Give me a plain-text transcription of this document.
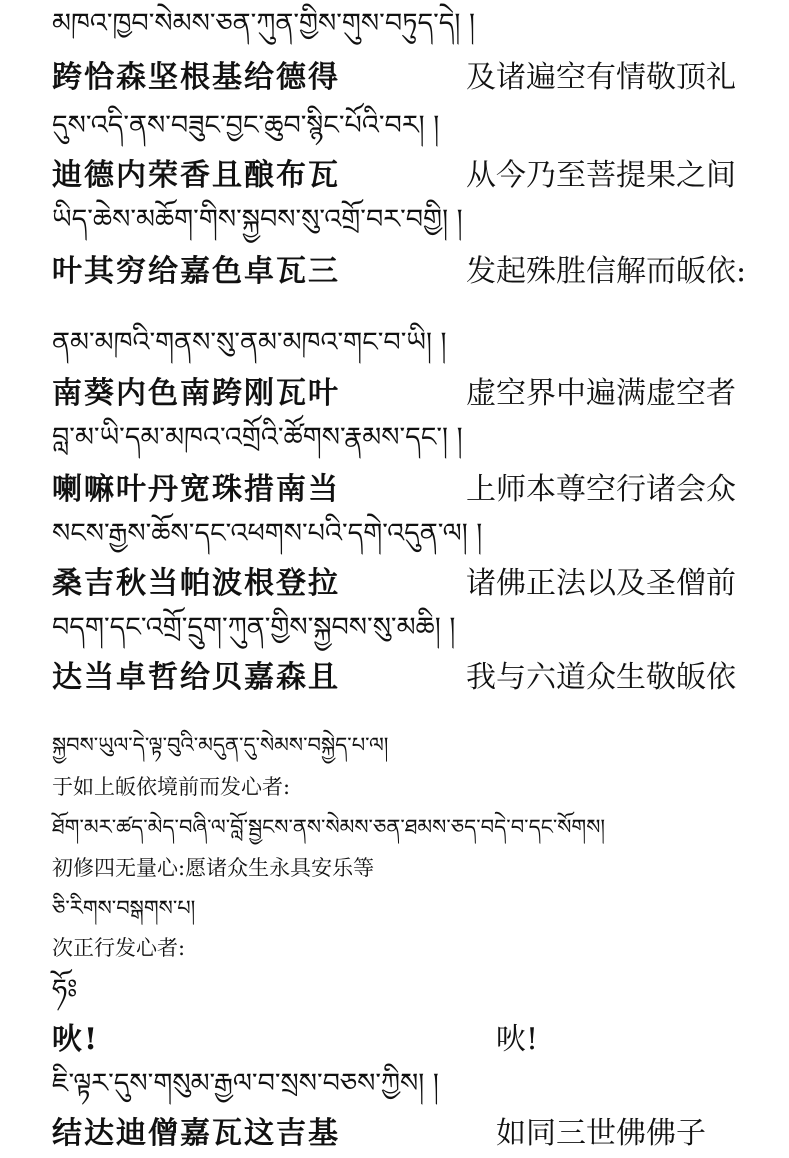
མཁའ་ཁྱབ་སེམས་ཅན་ཀུན་གྱིས་གུས་བཏུད་དེ། །
跨恰森坚根基给德得	及诸遍空有情敬顶礼
དུས་འདི་ནས་བཟུང་བྱང་ཆུབ་སྙིང་པོའི་བར། །
迪德内荣香且酿布瓦	从今乃至菩提果之间
ཡིད་ཆེས་མཆོག་གིས་སྐྱབས་སུ་འགྲོ་བར་བགྱི། །
叶其穷给嘉色卓瓦三	发起殊胜信解而皈依:
ནམ་མཁའི་གནས་སུ་ནམ་མཁའ་གང་བ་ཡི། །
南葵内色南跨刚瓦叶	虚空界中遍满虚空者
བླ་མ་ཡི་དམ་མཁའ་འགྲོའི་ཚོགས་རྣམས་དང་། །
喇嘛叶丹宽珠措南当	上师本尊空行诸会众
སངས་རྒྱས་ཆོས་དང་འཕགས་པའི་དགེ་འདུན་ལ། །
桑吉秋当帕波根登拉	诸佛正法以及圣僧前
བདག་དང་འགྲོ་དྲུག་ཀུན་གྱིས་སྐྱབས་སུ་མཆི། །
达当卓哲给贝嘉森且	我与六道众生敬皈依
སྐྱབས་ཡུལ་དེ་ལྟ་བུའི་མདུན་དུ་སེམས་བསྐྱེད་པ་ལ།
于如上皈依境前而发心者:
ཐོག་མར་ཚད་མེད་བཞི་ལ་བློ་སྦྱངས་ནས་སེམས་ཅན་ཐམས་ཅད་བདེ་བ་དང་སོགས།
初修四无量心:愿诸众生永具安乐等
ཅི་རིགས་བསྒགས་པ།
次正行发心者:
ཧོཿ
吙!	吙!
ཇི་ལྟར་དུས་གསུམ་རྒྱལ་བ་སྲས་བཅས་ཀྱིས། །
结达迪僧嘉瓦这吉基	如同三世佛佛子
